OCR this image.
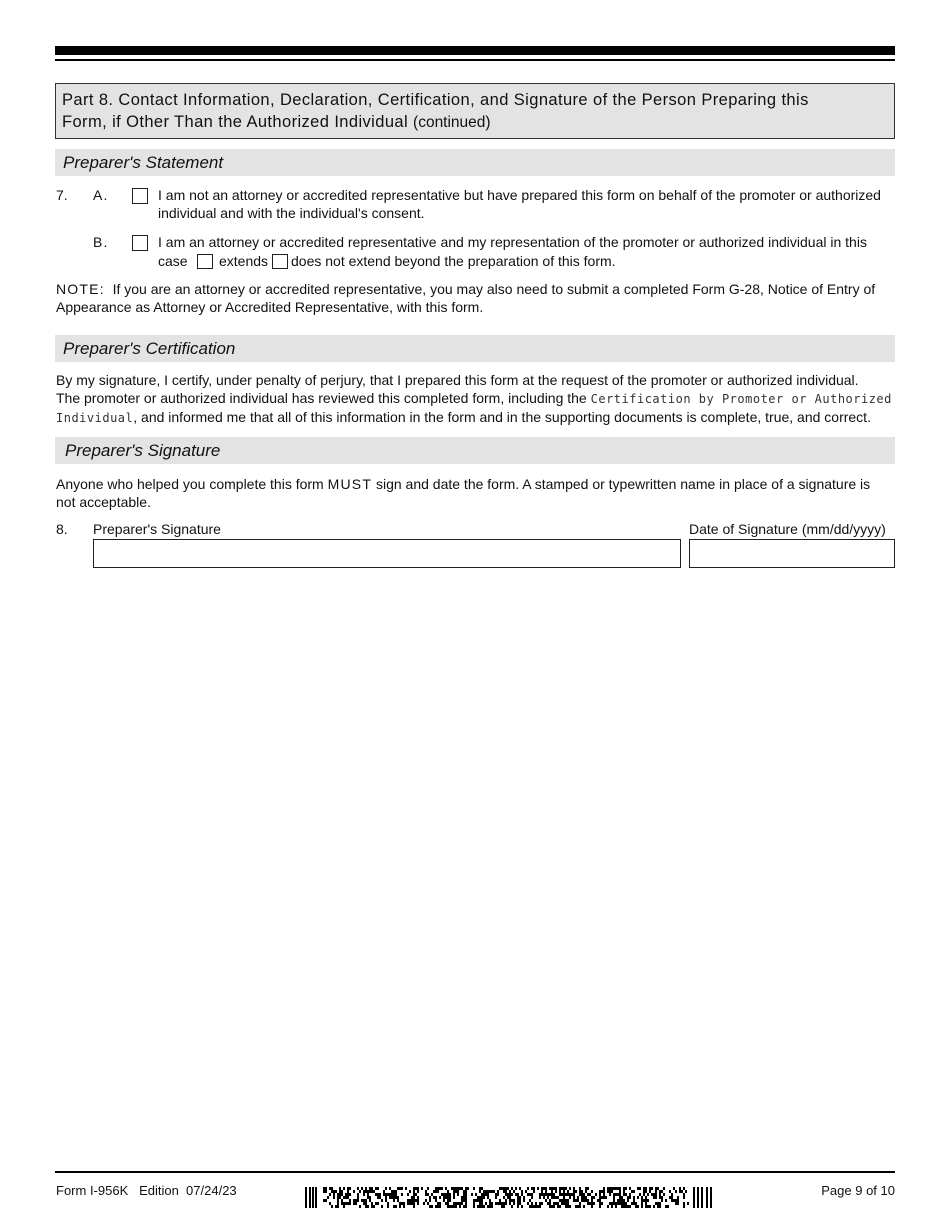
Part 8. Contact Information, Declaration, Certification, and Signature of the Person Preparing this
Form, if Other Than the Authorized Individual (continued)
Preparer's Statement
7. A.	I am not an attorney or accredited representative but have prepared this form on behalf of the promoter or authorized
individual and with the individual's consent.
B.	I am an attorney or accredited representative and my representation of the promoter or authorized individual in this
case extends does not extend beyond the preparation of this form.
NOTE: If you are an attorney or accredited representative, you may also need to submit a completed Form G-28, Notice of Entry of
Appearance as Attorney or Accredited Representative, with this form.
Preparer's Certification
By my signature, I certify, under penalty of perjury, that I prepared this form at the request of the promoter or authorized individual.
The promoter or authorized individual has reviewed this completed form, including the Certification by Promoter or Authorized
Individual, and informed me that all of this information in the form and in the supporting documents is complete, true, and correct.
Preparer's Signature
Anyone who helped you complete this form MUST sign and date the form. A stamped or typewritten name in place of a signature is
not acceptable.
8. Preparer's Signature	Date of Signature (mm/dd/yyyy)
Form I-956K   Edition  07/24/23	Page 9 of 10
